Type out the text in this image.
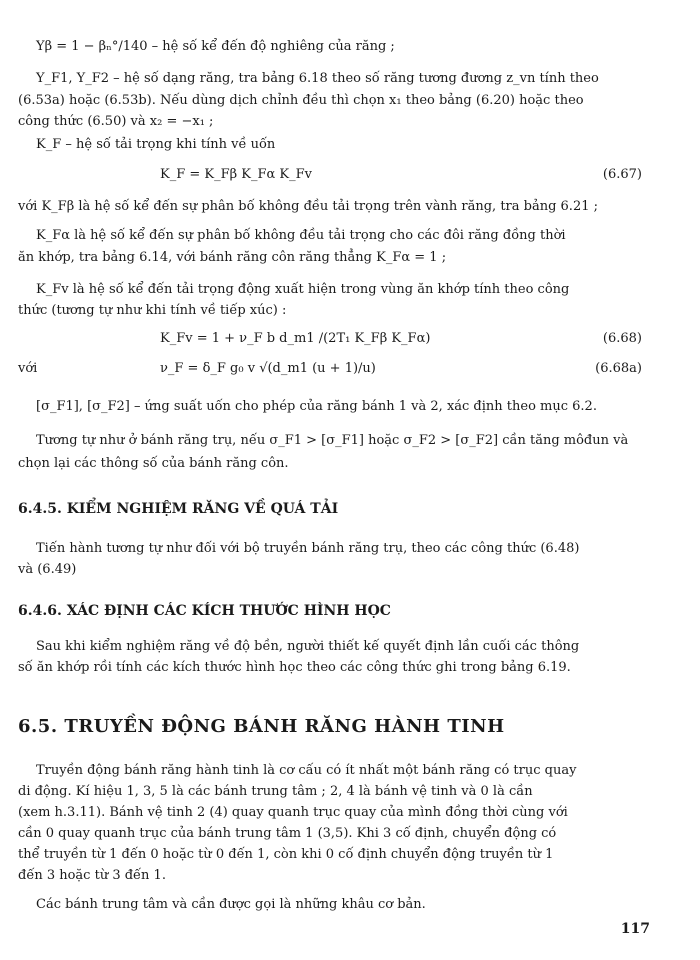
Yβ = 1 − βₙ°/140 – hệ số kể đến độ nghiêng của răng ;
Y_F1, Y_F2 – hệ số dạng răng, tra bảng 6.18 theo số răng tương đương z_vn tính theo
(6.53a) hoặc (6.53b). Nếu dùng dịch chỉnh đều thì chọn x₁ theo bảng (6.20) hoặc theo
công thức (6.50) và x₂ = −x₁ ;
K_F – hệ số tải trọng khi tính về uốn
K_F = K_Fβ K_Fα K_Fv	(6.67)
với K_Fβ là hệ số kể đến sự phân bố không đều tải trọng trên vành răng, tra bảng 6.21 ;
K_Fα là hệ số kể đến sự phân bố không đều tải trọng cho các đôi răng đồng thời
ăn khớp, tra bảng 6.14, với bánh răng côn răng thẳng K_Fα = 1 ;
K_Fv là hệ số kể đến tải trọng động xuất hiện trong vùng ăn khớp tính theo công
thức (tương tự như khi tính về tiếp xúc) :
K_Fv = 1 + ν_F b d_m1 /(2T₁ K_Fβ K_Fα)	(6.68)
với	ν_F = δ_F g₀ v √(d_m1 (u + 1)/u)	(6.68a)
[σ_F1], [σ_F2] – ứng suất uốn cho phép của răng bánh 1 và 2, xác định theo mục 6.2.
Tương tự như ở bánh răng trụ, nếu σ_F1 > [σ_F1] hoặc σ_F2 > [σ_F2] cần tăng môđun và
chọn lại các thông số của bánh răng côn.
6.4.5. KIỂM NGHIỆM RĂNG VỀ QUÁ TẢI
Tiến hành tương tự như đối với bộ truyền bánh răng trụ, theo các công thức (6.48)
và (6.49)
6.4.6. XÁC ĐỊNH CÁC KÍCH THƯỚC HÌNH HỌC
Sau khi kiểm nghiệm răng về độ bền, người thiết kế quyết định lần cuối các thông
số ăn khớp rồi tính các kích thước hình học theo các công thức ghi trong bảng 6.19.
6.5. TRUYỀN ĐỘNG BÁNH RĂNG HÀNH TINH
Truyền động bánh răng hành tinh là cơ cấu có ít nhất một bánh răng có trục quay
di động. Kí hiệu 1, 3, 5 là các bánh trung tâm ; 2, 4 là bánh vệ tinh và 0 là cần
(xem h.3.11). Bánh vệ tinh 2 (4) quay quanh trục quay của mình đồng thời cùng với
cần 0 quay quanh trục của bánh trung tâm 1 (3,5). Khi 3 cố định, chuyển động có
thể truyền từ 1 đến 0 hoặc từ 0 đến 1, còn khi 0 cố định chuyển động truyền từ 1
đến 3 hoặc từ 3 đến 1.
Các bánh trung tâm và cần được gọi là những khâu cơ bản.
117
